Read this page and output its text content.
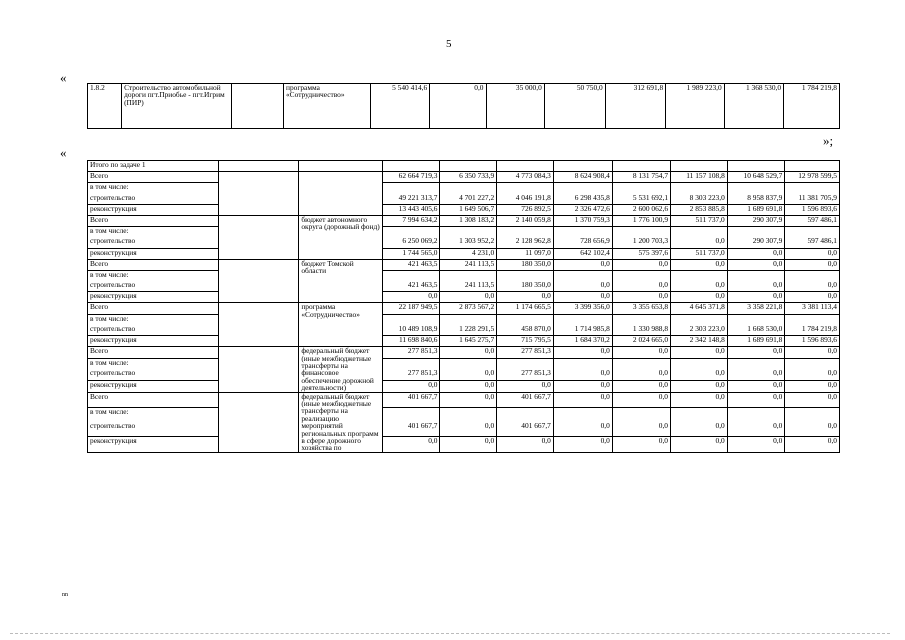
5
«
»;
«
1.8.2	Строительство автомобильной дороги пгт.Приобье - пгт.Игрим (ПИР)		программа «Сотрудничество»	5 540 414,6	0,0	35 000,0	50 750,0	312 691,8	1 989 223,0	1 368 530,0	1 784 219,8
Итого по задаче 1										
Всего			62 664 719,3	6 350 733,9	4 773 084,3	8 624 908,4	8 131 754,7	11 157 108,8	10 648 529,7	12 978 599,5
в том числе:										
строительство			49 221 313,7	4 701 227,2	4 046 191,8	6 298 435,8	5 531 692,1	8 303 223,0	8 958 837,9	11 381 705,9
реконструкция			13 443 405,6	1 649 506,7	726 892,5	2 326 472,6	2 600 062,6	2 853 885,8	1 689 691,8	1 596 893,6
Всего		бюджет автономного округа (дорожный фонд)	7 994 634,2	1 308 183,2	2 140 059,8	1 370 759,3	1 776 100,9	511 737,0	290 307,9	597 486,1
в том числе:										
строительство			6 250 069,2	1 303 952,2	2 128 962,8	728 656,9	1 200 703,3	0,0	290 307,9	597 486,1
реконструкция			1 744 565,0	4 231,0	11 097,0	642 102,4	575 397,6	511 737,0	0,0	0,0
Всего		бюджет Томской области	421 463,5	241 113,5	180 350,0	0,0	0,0	0,0	0,0	0,0
в том числе:										
строительство			421 463,5	241 113,5	180 350,0	0,0	0,0	0,0	0,0	0,0
реконструкция			0,0	0,0	0,0	0,0	0,0	0,0	0,0	0,0
Всего		программа «Сотрудничество»	22 187 949,5	2 873 567,2	1 174 665,5	3 399 356,0	3 355 653,8	4 645 371,8	3 358 221,8	3 381 113,4
в том числе:										
строительство			10 489 108,9	1 228 291,5	458 870,0	1 714 985,8	1 330 988,8	2 303 223,0	1 668 530,0	1 784 219,8
реконструкция			11 698 840,6	1 645 275,7	715 795,5	1 684 370,2	2 024 665,0	2 342 148,8	1 689 691,8	1 596 893,6
Всего		федеральный бюджет (иные межбюджетные трансферты на финансовое обеспечение дорожной деятельности)	277 851,3	0,0	277 851,3	0,0	0,0	0,0	0,0	0,0
в том числе:										
строительство			277 851,3	0,0	277 851,3	0,0	0,0	0,0	0,0	0,0
реконструкция			0,0	0,0	0,0	0,0	0,0	0,0	0,0	0,0
Всего		федеральный бюджет (иные межбюджетные трансферты на реализацию мероприятий региональных программ в сфере дорожного хозяйства по	401 667,7	0,0	401 667,7	0,0	0,0	0,0	0,0	0,0
в том числе:										
строительство			401 667,7	0,0	401 667,7	0,0	0,0	0,0	0,0	0,0
реконструкция			0,0	0,0	0,0	0,0	0,0	0,0	0,0	0,0
nn
